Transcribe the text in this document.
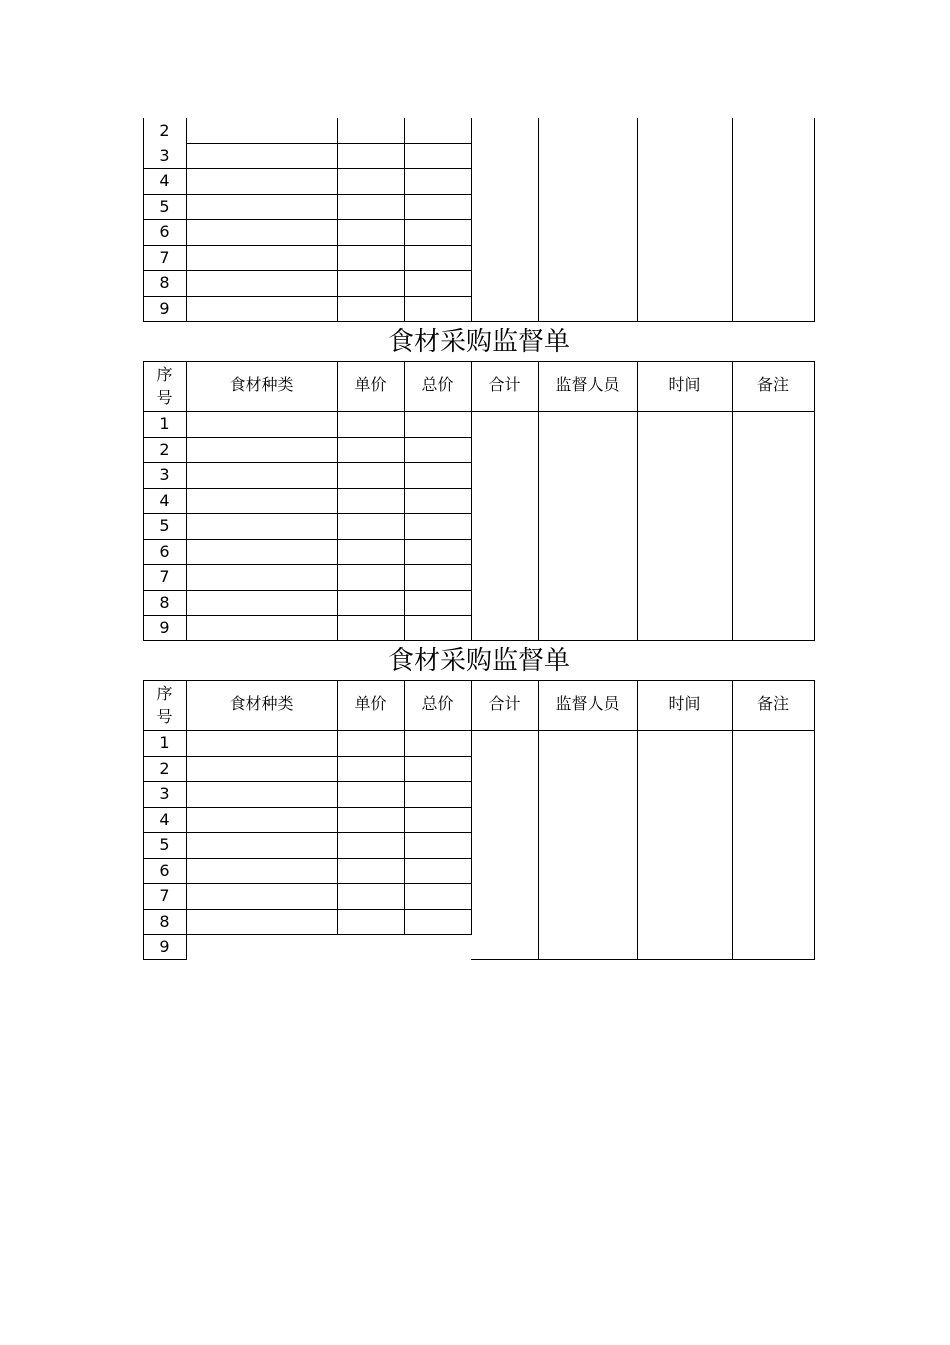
2
3
4
5
6
7
8
9
食材采购监督单
序
号
食材种类	单价	总价	合计	监督人员	时间	备注
1
2
3
4
5
6
7
8
9
食材采购监督单
序
号
食材种类	单价	总价	合计	监督人员	时间	备注
1
2
3
4
5
6
7
8
9
